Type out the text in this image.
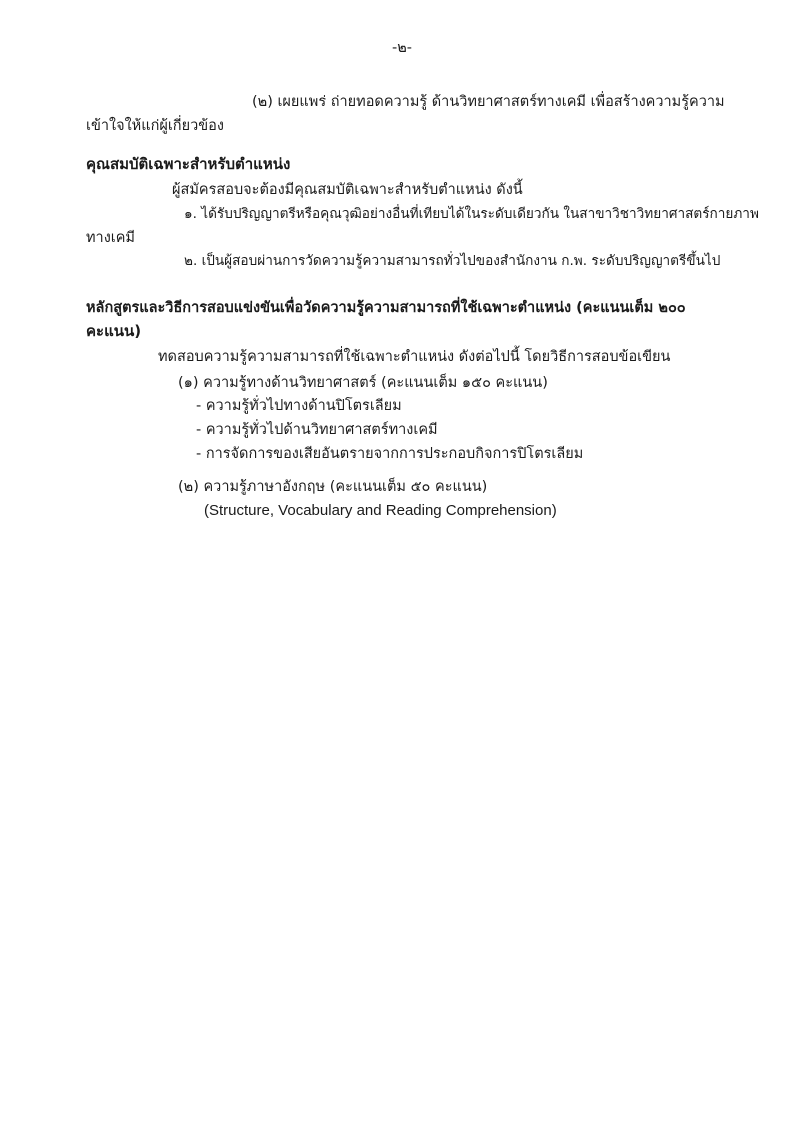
-๒-

(๒) เผยแพร่ ถ่ายทอดความรู้ ด้านวิทยาศาสตร์ทางเคมี เพื่อสร้างความรู้ความ

เข้าใจให้แก่ผู้เกี่ยวข้อง

คุณสมบัติเฉพาะสำหรับตำแหน่ง

ผู้สมัครสอบจะต้องมีคุณสมบัติเฉพาะสำหรับตำแหน่ง ดังนี้

๑. ได้รับปริญญาตรีหรือคุณวุฒิอย่างอื่นที่เทียบได้ในระดับเดียวกัน ในสาขาวิชาวิทยาศาสตร์กายภาพ

ทางเคมี

๒. เป็นผู้สอบผ่านการวัดความรู้ความสามารถทั่วไปของสำนักงาน ก.พ. ระดับปริญญาตรีขึ้นไป

หลักสูตรและวิธีการสอบแข่งขันเพื่อวัดความรู้ความสามารถที่ใช้เฉพาะตำแหน่ง (คะแนนเต็ม ๒๐๐

คะแนน)

ทดสอบความรู้ความสามารถที่ใช้เฉพาะตำแหน่ง ดังต่อไปนี้ โดยวิธีการสอบข้อเขียน

(๑) ความรู้ทางด้านวิทยาศาสตร์ (คะแนนเต็ม ๑๕๐ คะแนน)

- ความรู้ทั่วไปทางด้านปิโตรเลียม

- ความรู้ทั่วไปด้านวิทยาศาสตร์ทางเคมี

- การจัดการของเสียอันตรายจากการประกอบกิจการปิโตรเลียม

(๒) ความรู้ภาษาอังกฤษ (คะแนนเต็ม ๕๐ คะแนน)

(Structure, Vocabulary and Reading Comprehension)
